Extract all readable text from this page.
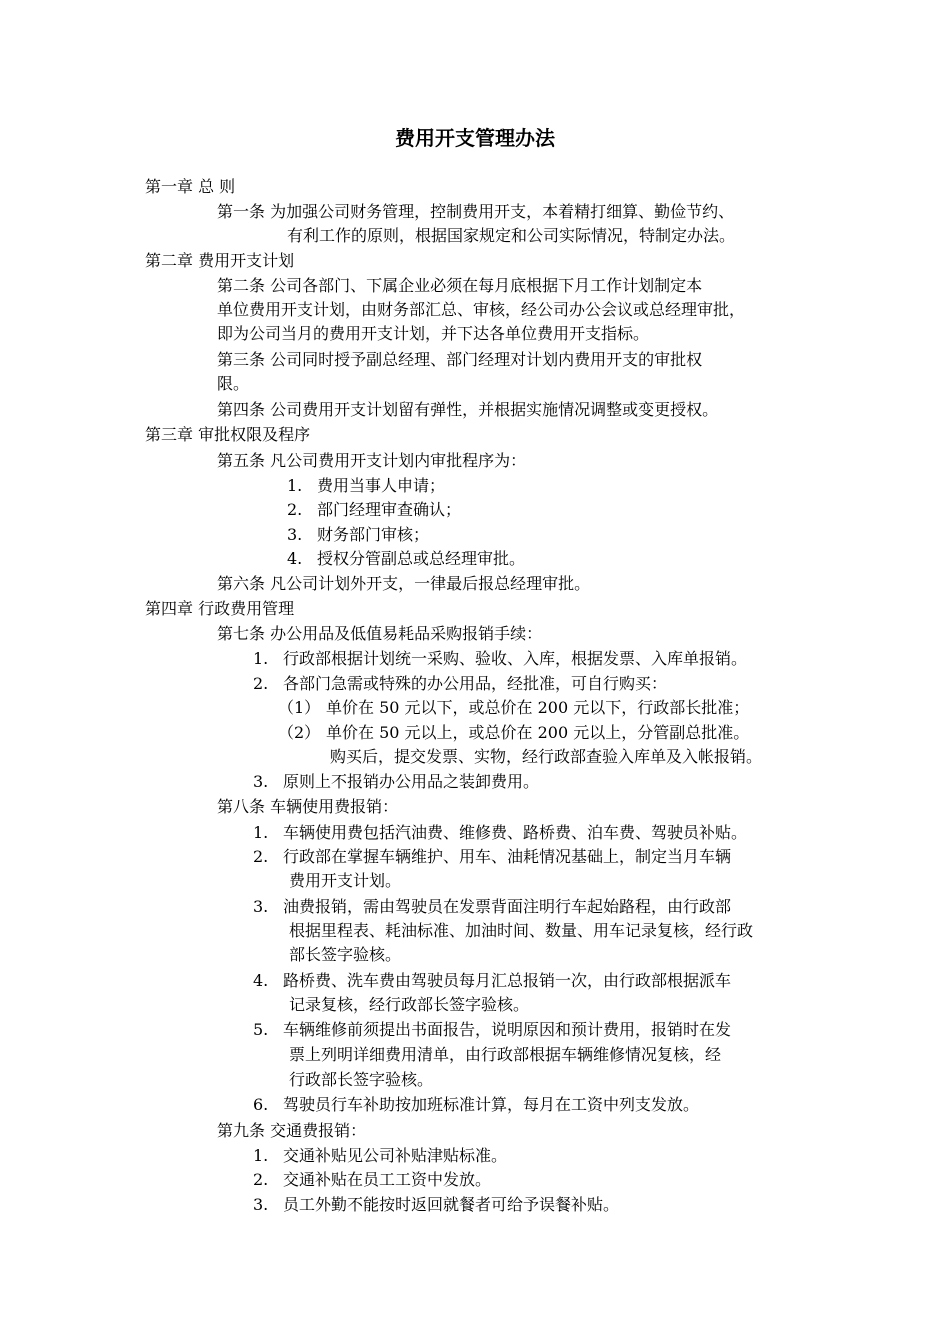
费用开支管理办法
第一章 总 则
第一条 为加强公司财务管理，控制费用开支，本着精打细算、勤俭节约、
有利工作的原则，根据国家规定和公司实际情况，特制定办法。
第二章 费用开支计划
第二条 公司各部门、下属企业必须在每月底根据下月工作计划制定本
单位费用开支计划，由财务部汇总、审核，经公司办公会议或总经理审批，
即为公司当月的费用开支计划，并下达各单位费用开支指标。
第三条 公司同时授予副总经理、部门经理对计划内费用开支的审批权
限。
第四条 公司费用开支计划留有弹性，并根据实施情况调整或变更授权。
第三章 审批权限及程序
第五条 凡公司费用开支计划内审批程序为：
1. 费用当事人申请；
2. 部门经理审查确认；
3. 财务部门审核；
4. 授权分管副总或总经理审批。
第六条 凡公司计划外开支，一律最后报总经理审批。
第四章 行政费用管理
第七条 办公用品及低值易耗品采购报销手续：
1. 行政部根据计划统一采购、验收、入库，根据发票、入库单报销。
2. 各部门急需或特殊的办公用品，经批准，可自行购买：
（1） 单价在 50 元以下，或总价在 200 元以下，行政部长批准；
（2） 单价在 50 元以上，或总价在 200 元以上，分管副总批准。
购买后，提交发票、实物，经行政部查验入库单及入帐报销。
3. 原则上不报销办公用品之装卸费用。
第八条 车辆使用费报销：
1. 车辆使用费包括汽油费、维修费、路桥费、泊车费、驾驶员补贴。
2. 行政部在掌握车辆维护、用车、油耗情况基础上，制定当月车辆
费用开支计划。
3. 油费报销，需由驾驶员在发票背面注明行车起始路程，由行政部
根据里程表、耗油标准、加油时间、数量、用车记录复核，经行政
部长签字验核。
4. 路桥费、洗车费由驾驶员每月汇总报销一次，由行政部根据派车
记录复核，经行政部长签字验核。
5. 车辆维修前须提出书面报告，说明原因和预计费用，报销时在发
票上列明详细费用清单，由行政部根据车辆维修情况复核，经
行政部长签字验核。
6. 驾驶员行车补助按加班标准计算，每月在工资中列支发放。
第九条 交通费报销：
1. 交通补贴见公司补贴津贴标准。
2. 交通补贴在员工工资中发放。
3. 员工外勤不能按时返回就餐者可给予误餐补贴。
